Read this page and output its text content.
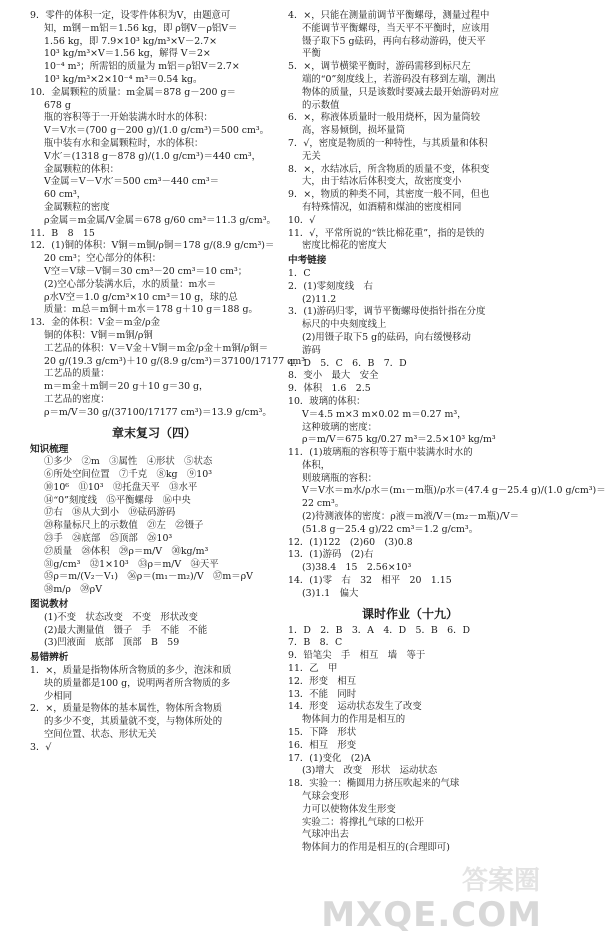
9．零件的体积一定，设零件体积为V，由题意可
知，m钢－m铝＝1.56 kg，即 ρ钢V－ρ铝V＝
1.56 kg，即 7.9×10³ kg/m³×V－2.7×
10³ kg/m³×V＝1.56 kg，解得 V＝2×
10⁻⁴ m³；所需铝的质量为 m铝＝ρ铝V＝2.7×
10³ kg/m³×2×10⁻⁴ m³＝0.54 kg。
10．金属颗粒的质量：m金属＝878 g－200 g＝
678 g
瓶的容积等于一开始装满水时水的体积：
V＝V水＝(700 g－200 g)/(1.0 g/cm³)＝500 cm³。
瓶中装有水和金属颗粒时，水的体积：
V水′＝(1318 g－878 g)/(1.0 g/cm³)＝440 cm³，
金属颗粒的体积：
V金属＝V－V水′＝500 cm³－440 cm³＝
60 cm³，
金属颗粒的密度
ρ金属＝m金属/V金属＝678 g/60 cm³＝11.3 g/cm³。
11．B　8　15
12．(1)铜的体积：V铜＝m铜/ρ铜＝178 g/(8.9 g/cm³)＝
20 cm³；空心部分的体积：
V空＝V球－V铜＝30 cm³－20 cm³＝10 cm³；
(2)空心部分装满水后，水的质量：m水＝
ρ水V空＝1.0 g/cm³×10 cm³＝10 g，球的总
质量：m总＝m铜＋m水＝178 g＋10 g＝188 g。
13．金的体积：V金＝m金/ρ金
铜的体积：V铜＝m铜/ρ铜
工艺品的体积：V＝V金＋V铜＝m金/ρ金＋m铜/ρ铜＝
20 g/(19.3 g/cm³)＋10 g/(8.9 g/cm³)＝37100/17177 cm³
工艺品的质量：
m＝m金＋m铜＝20 g＋10 g＝30 g，
工艺品的密度：
ρ＝m/V＝30 g/(37100/17177 cm³)＝13.9 g/cm³。
章末复习（四）
知识梳理
①多少　②m　③属性　④形状　⑤状态
⑥所处空间位置　⑦千克　⑧kg　⑨10³
⑩10⁶　⑪10³　⑫托盘天平　⑬水平
⑭“0”刻度线　⑮平衡螺母　⑯中央
⑰右　⑱从大到小　⑲砝码游码
⑳称量标尺上的示数值　㉑左　㉒镊子
㉓手　㉔底部　㉕顶部　㉖10³
㉗质量　㉘体积　㉙ρ＝m/V　㉚kg/m³
㉛g/cm³　㉜1×10³　㉝ρ＝m/V　㉞天平
㉟ρ＝m/(V₂－V₁)　㊱ρ＝(m₁－m₂)/V　㊲m＝ρV
㊳m/ρ　㊴ρV
图说教材
(1)不变　状态改变　不变　形状改变
(2)最大测量值　镊子　手　不能　不能
(3)凹液面　底部　顶部　B　59
易错辨析
1．×，质量是指物体所含物质的多少，泡沫和质
块的质量都是100 g，说明两者所含物质的多
少相同
2．×，质量是物体的基本属性，物体所含物质
的多少不变，其质量就不变，与物体所处的
空间位置、状态、形状无关
3．√
4．×，只能在测量前调节平衡螺母，测量过程中
不能调节平衡螺母，当天平不平衡时，应该用
镊子取下5 g砝码，再向右移动游码，使天平
平衡
5．×，调节横梁平衡时，游码需移到标尺左
端的“0”刻度线上，若游码没有移到左端，测出
物体的质量，只是该数时要减去最开始游码对应
的示数值
6．×，称液体质量时一般用烧杯，因为量筒较
高，容易倾倒，损坏量筒
7．√，密度是物质的一种特性，与其质量和体积
无关
8．×，水结冰后，所含物质的质量不变，体积变
大，由于结冰后体积变大，故密度变小
9．×，物质的种类不同，其密度一般不同，但也
有特殊情况，如酒精和煤油的密度相同
10．√
11．√，平常所说的“铁比棉花重”，指的是铁的
密度比棉花的密度大
中考链接
1．C
2．(1)零刻度线　右
(2)11.2
3．(1)游码归零，调节平衡螺母使指针指在分度
标尺的中央刻度线上
(2)用镊子取下5 g的砝码，向右缓慢移动
游码
4．D　5．C　6．B　7．D
8．变小　最大　安全
9．体积　1.6　2.5
10．玻璃的体积：
V＝4.5 m×3 m×0.02 m＝0.27 m³，
这种玻璃的密度：
ρ＝m/V＝675 kg/0.27 m³＝2.5×10³ kg/m³
11．(1)玻璃瓶的容积等于瓶中装满水时水的
体积，
则玻璃瓶的容积：
V＝V水＝m水/ρ水＝(m₁－m瓶)/ρ水＝(47.4 g－25.4 g)/(1.0 g/cm³)＝
22 cm³。
(2)待测液体的密度：ρ液＝m液/V＝(m₂－m瓶)/V＝
(51.8 g－25.4 g)/22 cm³＝1.2 g/cm³。
12．(1)122　(2)60　(3)0.8
13．(1)游码　(2)右
(3)38.4　15　2.56×10³
14．(1)零　右　32　相平　20　1.15
(3)1.1　偏大
课时作业（十九）
1．D　2．B　3．A　4．D　5．B　6．D
7．B　8．C
9．铅笔尖　手　相互　墙　等于
11．乙　甲
12．形变　相互
13．不能　同时
14．形变　运动状态发生了改变
物体间力的作用是相互的
15．下降　形状
16．相互　形变
17．(1)变化　(2)A
(3)增大　改变　形状　运动状态
18．实验一：椭圆用力挤压吹起来的气球
气球会变形
力可以使物体发生形变
实验二：将撑扎气球的口松开
气球冲出去
物体间力的作用是相互的(合理即可)
答案圈
MXQE.COM
